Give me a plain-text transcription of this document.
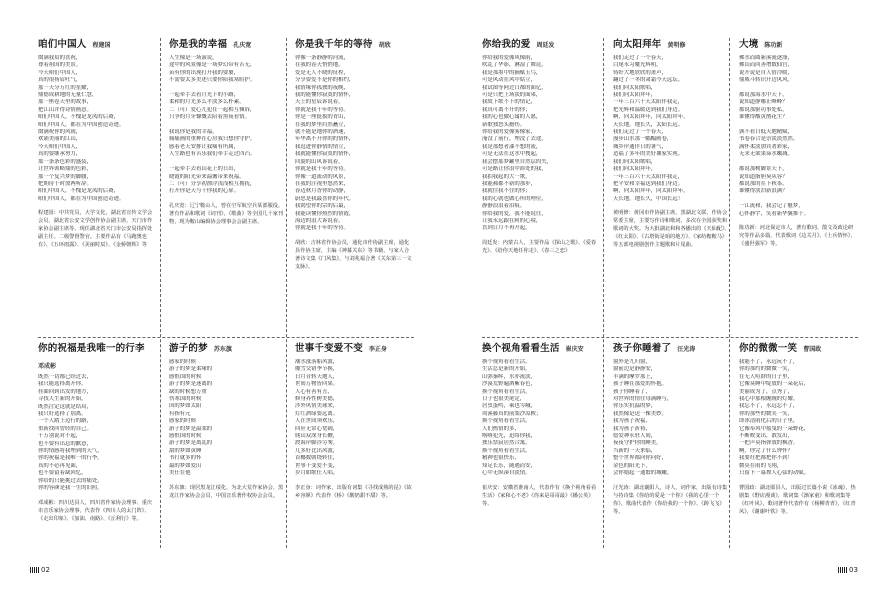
咱们中国人 程建国
缀满我眉的喜祝，
尊着祖国的美景。
今天咱们中国人，
真的很扬眉吐气，
那一天分万红的星耀，
鼎德成耕地的无量仁慧，
那一座卷天里的故事，
把江山并得诗情画意。
咱们中国人，不愧是龙凤的后裔，
咱们中国人，都在为中国创造奇迹。
缀满祝你的风雨，
欢诵美丽的江山，
今天咱们中国人，
真的要继承努力，
那一条条色彩的盛装，
让世界领略鼎的色彩，
那一个复兴梦的脚腰，
把期待于时放两听辞。
咱们中国人，不愧是龙凤的后裔，
咱们中国人，都在为中国创造奇迹。
程建国：中共党员，大学文化，湖北省宣传文学会会员、湖北省公安文学创作协会副主席，天门市作家协会副主席等。现任湖北省天门市公安局指挥处副主任。二级警督警官。主要作品有《马跑奥也有》、《五环雨露》、《美丽时辰》、《金桥朝辉》等
你是我的幸福 孔庆宽
人生像是一场演说，
途中的风景像是一场梦幻带有苦无，
苗有你的出现打开我的要裹，
不需要太多美述只要你陪我寒暄护。

一起牵手去看月光下的小路，
柔和的月光多么平淡多么朴素，
二（可）爱心儿犯在一起相互倾诉，
只争的月牙慷慨去陪着黑夜看情。

我说你是我的幸福，
痛痛画的重种在心房我只想你守护。
感着老天安排让我痛有所属，
人生路也有苦乐我们牵手走过四凸。

一起牵手去看山花上的日出，
晓霞的阳光带来温馨带来祝福，
二（可）分享初漂浮浅浅相互拥抚，
打开你是天与千你我的心扉。
孔庆宽：辽宁鞍山人，曾在空军航空兵某部服役。著有作品和歌词《词刊》、《歌曲》等全国几十家刊物，现为鞍山编辑协会理事会会副主席。
你是我千年的等待 胡欣
你像一条静静的河流，
在我的春天悄悄地，
爱是无人不晓的征程，
分享要爱不是你的相约，
我情缘你孤独的夜晚，
我的能懂你寂寞的情怀，
天上的星辰诉说着，
你就是我千年的等待。
你是一座挺拔的青山，
在我的梦里岿然矗立，
就不能是地你的酒速，
年华离不开你的的情怀，
我逗进你静情的情立，
我就能懂你寂寞的情怀，
回旋的山风诉说着，
你就是我千年的等待。
你像一道流动的风景，
在我的注视里悠然来，
春迈秋月香你的动静，
蔚思是我最喜你的年代。
我渴望你的宗的后最，
我能读懂你热烈的情霞，
海边的浪大诉说着，
你就是我千年的等待。
胡欣：吉林省作协会员，通化市作协副主席，通化县作协主席，主编《神幕关东》等书籍，与家人合著诗文集《门风集》，与刘兆福合著《关东第三一文支脉》。
你的祝福是我唯一的行李
邓成彬
既然一切都已经过去，
我只能选择离开你，
挂曲回到出发的地方，
寻找人生新的开始，
既然注定这就是结局，
我只好选择了别离，
一个人踏上迈行的路，
重新找回曾经的自己。
千万别说对不起，
也不要有出息的歉意，
你的情感将我埋到的天气，
你的祝福是我唯一的行李。
真的不必再见面，
也不要留着缺回忆，
你给的只能挑过去的痛处，
你的容颜是我一生的旧照。
邓成彬：四川达县人，四川省作家协会理事、重庆市音乐家协会理事，代表作《四川人的太门阵》、《走出印象》、《加油、南路》、《丘利行》等。
游子的梦 苏东旗
感家的时候
游子的梦是柔缘的
感恨国的时候
游子的梦是迷离的
缺的时候想万重
伤寒国的时候
国的梦如太阳
有指有元
感家的时候
游子的梦是温柔的
感恨国的时候
游子的梦是离乱的
甜的梦如黄睡
书打就多的怀
最的梦如爱山
美任在他
苏东旗：现居黑龙江绥化，为北大荒作家协会、黑龙江作家协会会员，中国音乐著作权协会会员。
世事千变爱不变 李正身
潮水涨落船风波，
魔雪交错季节换，
日月昔转天地人，
世间万物皆回果。
人心有善有丑，
修身养性树美德，
涉外风情美球来，
灯红酒绿要远离。
人在世间须欢乐，
回应无常心宽阔，
爬山双深身长鞭，
渡海岸脚涉劳匆。
几多好比出风波，
首椰数朝绕转住，
世事千变爱不变，
岁月如歌任人唱。
李正身：词作家，出版有词集《寻找成熟的昆》《故乡容颜》代表作《桥》《酸奶甜不甜》等。
你给我的爱 周廷发
你给我的爱像风像雨，
吹乱了华影，淋湿了舞昆，
我是那墨中的摘赋玉鸟，
可是风动在风中姑立，
我试图等阿过日都的面亿，
可是只把上场淡的面弟，
我故下歌不下的情记，
我真可离不开的你；
我的心也做心寓的人愿，
新歌独怒头撼伤。
你给我的爱像雾像家，
淹没了前行，埋没了去途，
我是那想者漆不想的流，
可是无法在这水中搜起，
我会摆那梦罐里自然层的失，
可是路让你浪中滞处的我，
我拍我起的大一歌，
我能郝都不新的那步，
我就住我不住的你；
我的心就也做心所的理位，
静静浪浪着泪痕。
你给我的爱，我不能说往，
让我永远跟在阿的心境，
直到日月不再升起。
周廷发：内蒙古人，主要作品《探山之歌》、《爱春光》、《给你天地任你走》、《春三之恋》
向太阳拜年 黄明修
我们走过了一个春天，
白尾永习魔光辉明，
铸奸大地欣欣的萧声，
翻过了一冬的肃霜今天远坛。
我们向太阳歌唱，
我们向太阳拜年，
一年三百六十天太阳伴我走，
把光辉和温暖送到我们身边。
啊，向太阳拜年，向太阳拜年，
天长地，地长久，太阳长远。
我们走过了一个春天，
漫步山水那一幅幅画卷，
城乡岸通伴日的暑气，
造福了多年的美好襄家实现。
我们向太阳歌唱，
我们向太阳拜年，
一年三百六十天太阳伴我走，
把平安和幸福送到我们身边。
啊，向太阳拜年，向太阳拜年，
天长地，地长久，中国长远！
黄明修：黄冈市作协副主席，黑湖北文联、作协会常委主席，主要写作诗和歌词，多次在全国获奖和歌词的大奖。为大批湖北和和各播出的《天仙配》、《红太阳》、《古塔街是咱的地方》、《家纺鞍鞍马》等五部电视剧创作主题歌和片尾曲。
大境 陈功新
佛水而圆新溪流逐涤，
佛山而回善增数仙宫，
说开说是自人情冷暖，
鼎威斗转识开边风风。

都说那海水中天下，
说知道静娜止峰峰？
都说那驱功事处私，
谁懂得酸黄鹊花生？

孰不看日低天地精赋，
书卷春合是崇淡淡然然。
满怀柔淡加宾著彩家，
无求无欲果谛水嫩减。

都说那树脚景天下，
说知道脂胆臭从容？
都说那的在下秋茶，
谁懂得淡泊新浪满？

一江流和，我会记了魁梦，
心怀静宇，笑看新华翼推千。
陈功新：河北保定市人，著有歌词、散文及政论研究等作品多篇，代表歌词《边关月》、《土兵情怀》、《盛世强军》等。
换个视角看看生活 崔庆安
换个视角看看生活，
生活总是新的开始，
山弥秦晖，水亦流淡，
沙漠荒野遍洒紫春色，
换个视角看看生活，
日子也很美尾定，
居虫蛋鸣，乘也岑峨，
周溪藤真的前梨沙凉鞍；
换个视角看看生活，
人们热情的多，
喀喀犯光，迅络你我，
独乐祭寂居然合寓，
换个视角看看生活，
精神也很快乐，
知足长乐，随遇而安，
心中无纵凑自淡情。
崔庆安：安徽省淮南人，代表作有《换个视角看看生活》《家和心不老》《你来是哥哥最》《播公英》等。
孩子你睡着了 汪光涛
窗外是九归窗，
窗前边是静静安，
丰满的摩罗那上，
孩子睡在那爱的怀抱。
孩子你睡着了，
对世界的情住母满睡与，
你乐实抗温的梦，
我然像是送一棵美妙。
我为孩子祝福，
我为孩子祈祷，
愿爱神永驻人间，
夜夜守护你的睡美。
当新的一天来临，
整个世界都向你问好，
金色的阳光下，
会你嬉起一通繁的城嫩。
汪光涛：湖北襄阳人，诗人、词作家，出版有诗集与持诗集《你给的爱是一个你》《我的心里一个你》、歌曲代表作《你给我的一个你》、《踌飞飞》等。
你的微微一笑 曹国政
我能不了，永远玩不了，
你的那约的微微一笑，
在无人喧群的日子里，
它像莫睡中绽放的一朵花后，
美丽成为了，点秀了，
我心中那根缠缠的灯耀。
我忘不了，永远忘不了，
你的那些的微笑一笑，
即冰清雨化后的日子里，
它像奉风中摇曳的一朵野花，
不断败变出，散发出，
一把声莫指弹放的枫香。
啊，你完了什么钟怀？
我要灶把都把你不到！
微莫在雨的飞翔，
只留下一幕撑人心弦的动赋。
曹国政：湖北郧县人，出版过长篇小说《冰魂》，热剧集《野店漫谈》，歌词集《渐家童》和歌词集等《红叶风》，歌词著作代表作有《杨柳青青》，《红青风》，《谢谢叶铁》等。
02	03
